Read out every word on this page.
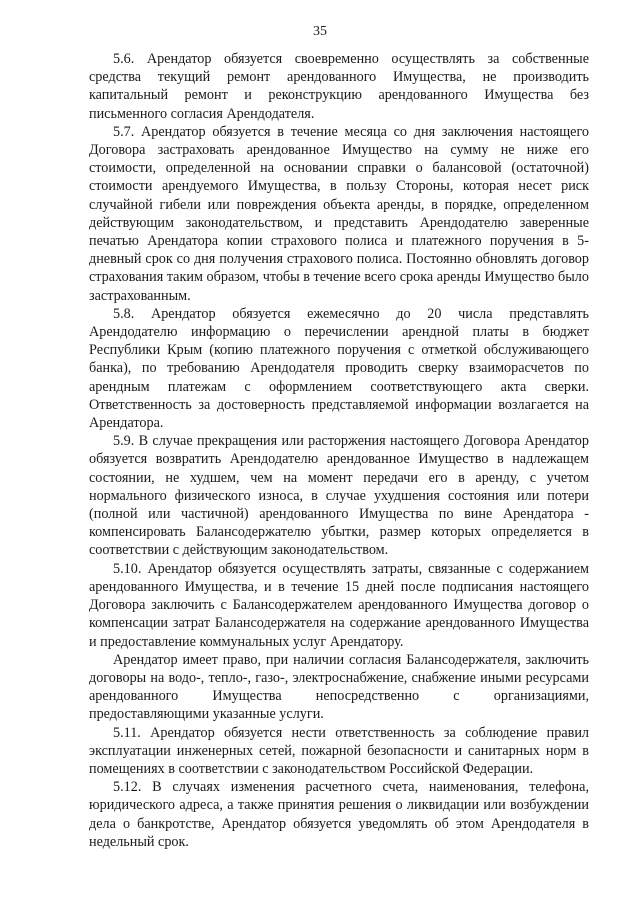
35

5.6. Арендатор обязуется своевременно осуществлять за собственные средства текущий ремонт арендованного Имущества, не производить капитальный ремонт и реконструкцию арендованного Имущества без письменного согласия Арендодателя.

5.7. Арендатор обязуется в течение месяца со дня заключения настоящего Договора застраховать арендованное Имущество на сумму не ниже его стоимости, определенной на основании справки о балансовой (остаточной) стоимости арендуемого Имущества, в пользу Стороны, которая несет риск случайной гибели или повреждения объекта аренды, в порядке, определенном действующим законодательством, и представить Арендодателю заверенные печатью Арендатора копии страхового полиса и платежного поручения в 5-дневный срок со дня получения страхового полиса. Постоянно обновлять договор страхования таким образом, чтобы в течение всего срока аренды Имущество было застрахованным.

5.8. Арендатор обязуется ежемесячно до 20 числа представлять Арендодателю информацию о перечислении арендной платы в бюджет Республики Крым (копию платежного поручения с отметкой обслуживающего банка), по требованию Арендодателя проводить сверку взаиморасчетов по арендным платежам с оформлением соответствующего акта сверки. Ответственность за достоверность представляемой информации возлагается на Арендатора.

5.9. В случае прекращения или расторжения настоящего Договора Арендатор обязуется возвратить Арендодателю арендованное Имущество в надлежащем состоянии, не худшем, чем на момент передачи его в аренду, с учетом нормального физического износа, в случае ухудшения состояния или потери (полной или частичной) арендованного Имущества по вине Арендатора - компенсировать Балансодержателю убытки, размер которых определяется в соответствии с действующим законодательством.

5.10. Арендатор обязуется осуществлять затраты, связанные с содержанием арендованного Имущества, и в течение 15 дней после подписания настоящего Договора заключить с Балансодержателем арендованного Имущества договор о компенсации затрат Балансодержателя на содержание арендованного Имущества и предоставление коммунальных услуг Арендатору.

Арендатор имеет право, при наличии согласия Балансодержателя, заключить договоры на водо-, тепло-, газо-, электроснабжение, снабжение иными ресурсами арендованного Имущества непосредственно с организациями, предоставляющими указанные услуги.

5.11. Арендатор обязуется нести ответственность за соблюдение правил эксплуатации инженерных сетей, пожарной безопасности и санитарных норм в помещениях в соответствии с законодательством Российской Федерации.

5.12. В случаях изменения расчетного счета, наименования, телефона, юридического адреса, а также принятия решения о ликвидации или возбуждении дела о банкротстве, Арендатор обязуется уведомлять об этом Арендодателя в недельный срок.
